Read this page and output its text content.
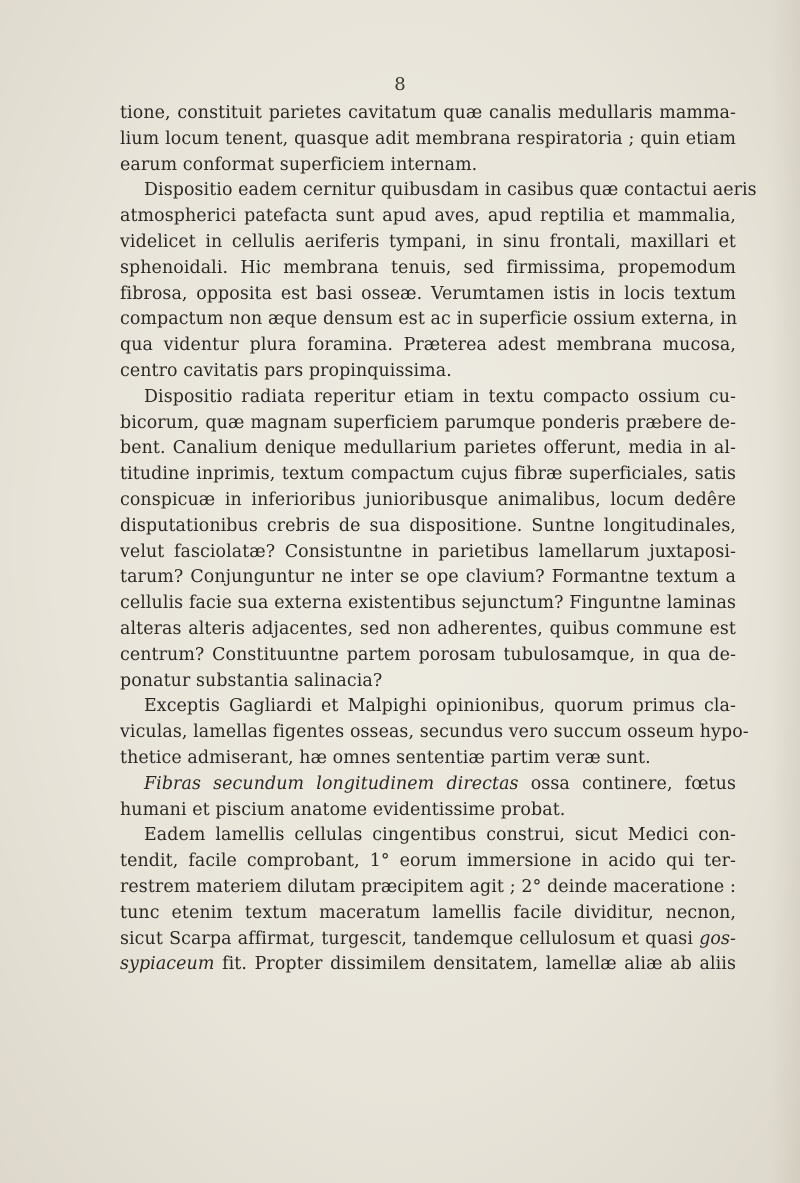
8
tione, constituit parietes cavitatum quæ canalis medullaris mamma-
lium locum tenent, quasque adit membrana respiratoria ; quin etiam
earum conformat superficiem internam.
Dispositio eadem cernitur quibusdam in casibus quæ contactui aeris
atmospherici patefacta sunt apud aves, apud reptilia et mammalia,
videlicet in cellulis aeriferis tympani, in sinu frontali, maxillari et
sphenoidali. Hic membrana tenuis, sed firmissima, propemodum
fibrosa, opposita est basi osseæ. Verumtamen istis in locis textum
compactum non æque densum est ac in superficie ossium externa, in
qua videntur plura foramina. Præterea adest membrana mucosa,
centro cavitatis pars propinquissima.
Dispositio radiata reperitur etiam in textu compacto ossium cu-
bicorum, quæ magnam superficiem parumque ponderis præbere de-
bent. Canalium denique medullarium parietes offerunt, media in al-
titudine inprimis, textum compactum cujus fibræ superficiales, satis
conspicuæ in inferioribus junioribusque animalibus, locum dedêre
disputationibus crebris de sua dispositione. Suntne longitudinales,
velut fasciolatæ? Consistuntne in parietibus lamellarum juxtaposi-
tarum? Conjunguntur ne inter se ope clavium? Formantne textum a
cellulis facie sua externa existentibus sejunctum? Finguntne laminas
alteras alteris adjacentes, sed non adherentes, quibus commune est
centrum? Constituuntne partem porosam tubulosamque, in qua de-
ponatur substantia salinacia?
Exceptis Gagliardi et Malpighi opinionibus, quorum primus cla-
viculas, lamellas figentes osseas, secundus vero succum osseum hypo-
thetice admiserant, hæ omnes sententiæ partim veræ sunt.
Fibras secundum longitudinem directas ossa continere, fœtus
humani et piscium anatome evidentissime probat.
Eadem lamellis cellulas cingentibus construi, sicut Medici con-
tendit, facile comprobant, 1° eorum immersione in acido qui ter-
restrem materiem dilutam præcipitem agit ; 2° deinde maceratione :
tunc etenim textum maceratum lamellis facile dividitur, necnon,
sicut Scarpa affirmat, turgescit, tandemque cellulosum et quasi gos-
sypiaceum fit. Propter dissimilem densitatem, lamellæ aliæ ab aliis
